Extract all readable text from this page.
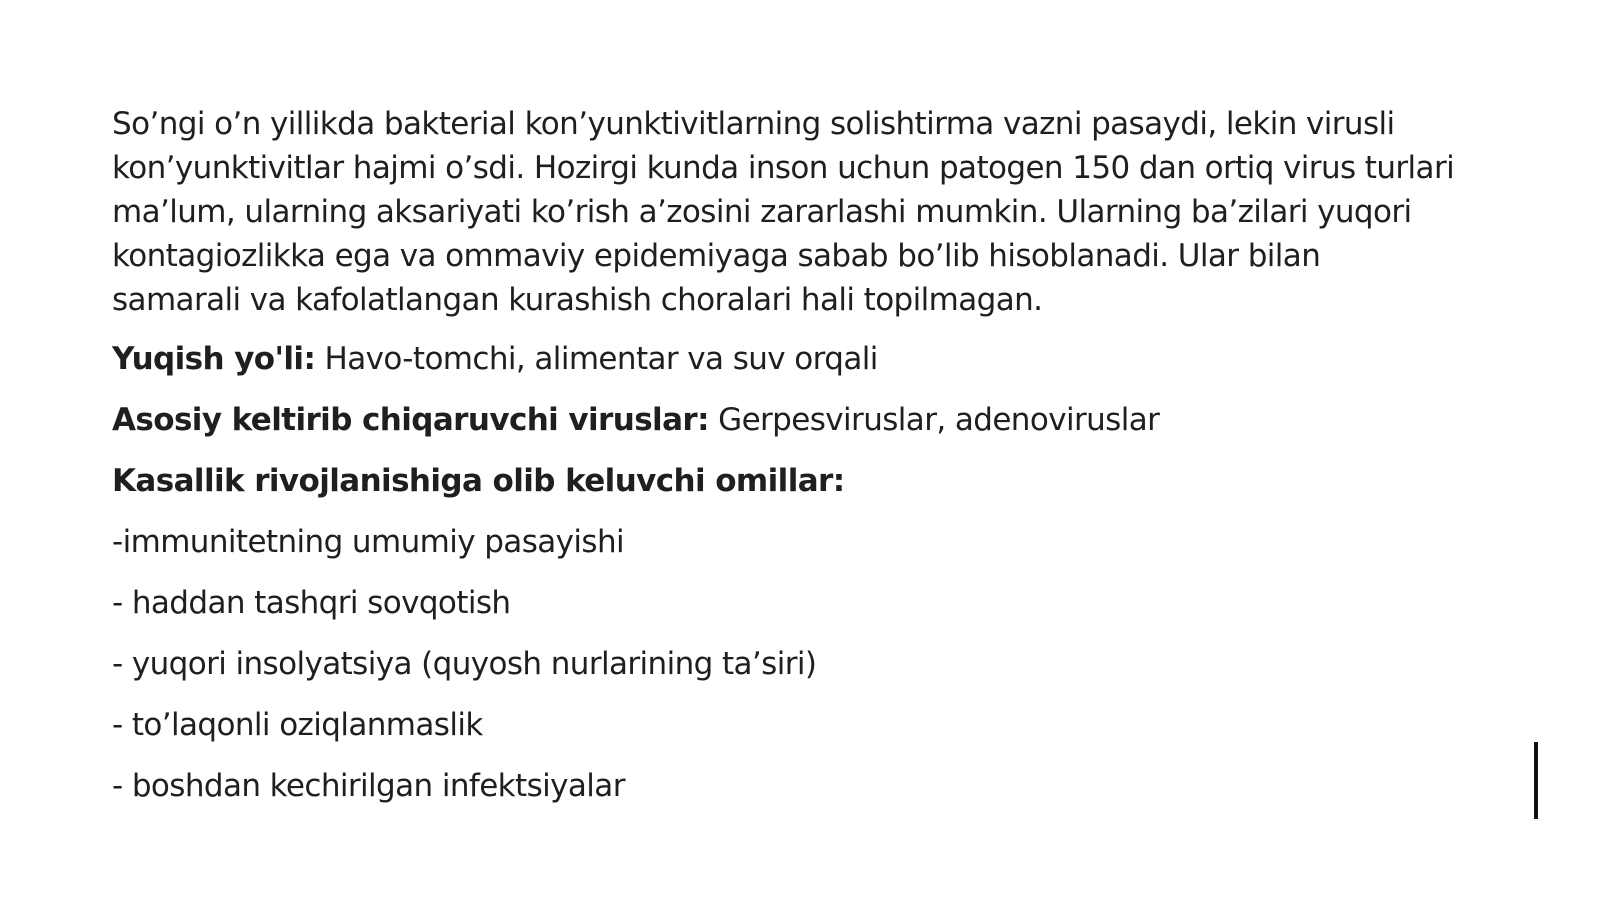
So’ngi o’n yillikda bakterial kon’yunktivitlarning solishtirma vazni pasaydi, lekin virusli kon’yunktivitlar hajmi o’sdi. Hozirgi kunda inson uchun patogen 150 dan ortiq virus turlari ma’lum, ularning aksariyati ko’rish a’zosini zararlashi mumkin. Ularning ba’zilari yuqori kontagiozlikka ega va ommaviy epidemiyaga sabab bo’lib hisoblanadi. Ular bilan samarali va kafolatlangan kurashish choralari hali topilmagan.

Yuqish yo'li: Havo-tomchi, alimentar va suv orqali

Asosiy keltirib chiqaruvchi viruslar: Gerpesviruslar, adenoviruslar

Kasallik rivojlanishiga olib keluvchi omillar:

-immunitetning umumiy pasayishi

- haddan tashqri sovqotish

- yuqori insolyatsiya (quyosh nurlarining ta’siri)

- to’laqonli oziqlanmaslik

- boshdan kechirilgan infektsiyalar
